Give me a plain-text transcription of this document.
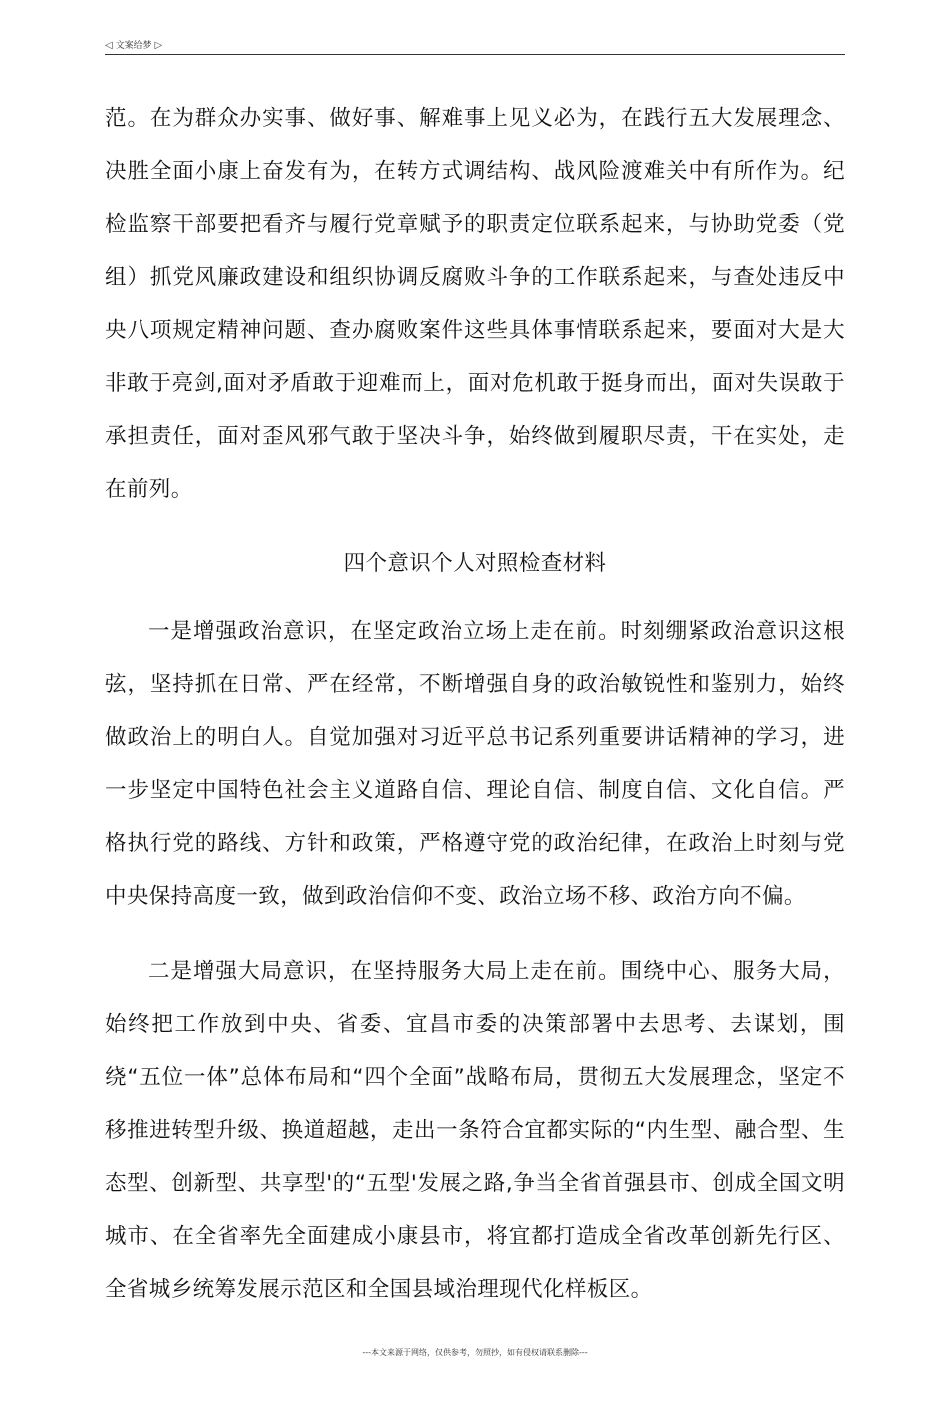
◁ 文案给梦 ▷

范。在为群众办实事、做好事、解难事上见义必为，在践行五大发展理念、决胜全面小康上奋发有为，在转方式调结构、战风险渡难关中有所作为。纪检监察干部要把看齐与履行党章赋予的职责定位联系起来，与协助党委（党组）抓党风廉政建设和组织协调反腐败斗争的工作联系起来，与查处违反中央八项规定精神问题、查办腐败案件这些具体事情联系起来，要面对大是大非敢于亮剑,面对矛盾敢于迎难而上，面对危机敢于挺身而出，面对失误敢于承担责任，面对歪风邪气敢于坚决斗争，始终做到履职尽责，干在实处，走在前列。

四个意识个人对照检查材料

一是增强政治意识，在坚定政治立场上走在前。时刻绷紧政治意识这根弦，坚持抓在日常、严在经常，不断增强自身的政治敏锐性和鉴别力，始终做政治上的明白人。自觉加强对习近平总书记系列重要讲话精神的学习，进一步坚定中国特色社会主义道路自信、理论自信、制度自信、文化自信。严格执行党的路线、方针和政策，严格遵守党的政治纪律，在政治上时刻与党中央保持高度一致，做到政治信仰不变、政治立场不移、政治方向不偏。

二是增强大局意识，在坚持服务大局上走在前。围绕中心、服务大局，始终把工作放到中央、省委、宜昌市委的决策部署中去思考、去谋划，围绕“五位一体”总体布局和“四个全面”战略布局，贯彻五大发展理念，坚定不移推进转型升级、换道超越，走出一条符合宜都实际的“内生型、融合型、生态型、创新型、共享型'的“五型'发展之路,争当全省首强县市、创成全国文明城市、在全省率先全面建成小康县市，将宜都打造成全省改革创新先行区、全省城乡统筹发展示范区和全国县域治理现代化样板区。

---本文来源于网络，仅供参考，勿照抄，如有侵权请联系删除---
